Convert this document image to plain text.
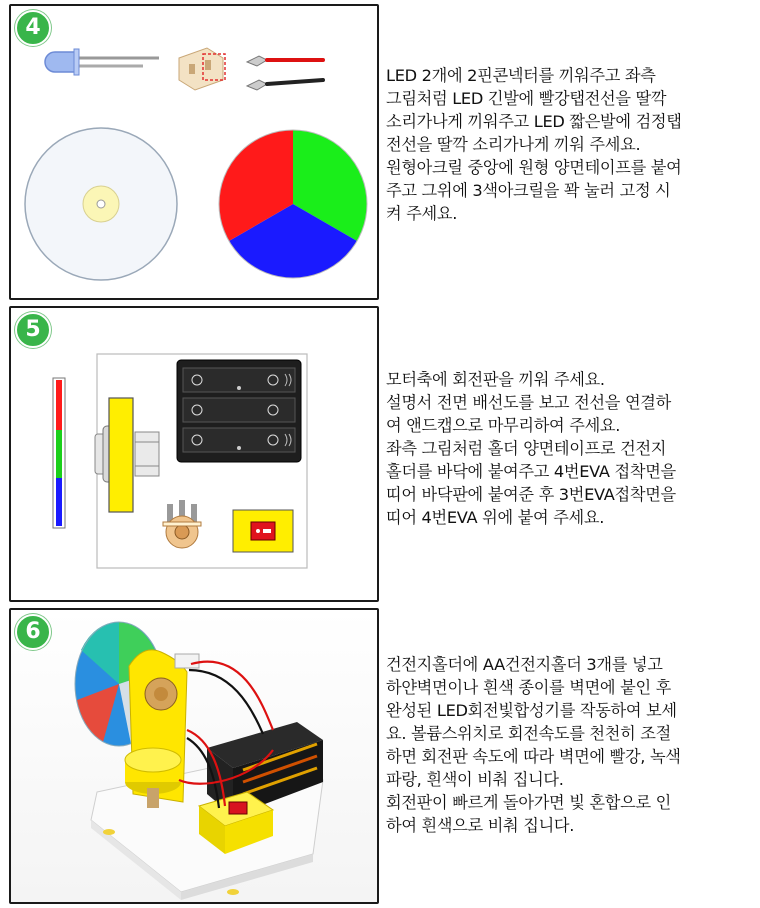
4

LED 2개에 2핀콘넥터를 끼워주고 좌측

그림처럼 LED 긴발에 빨강탭전선을 딸깍

소리가나게 끼워주고 LED 짧은발에 검정탭

전선을 딸깍 소리가나게 끼워 주세요.

원형아크릴 중앙에 원형 양면테이프를 붙여

주고 그위에 3색아크릴을 꽉 눌러 고정 시

켜 주세요.

5

모터축에 회전판을 끼워 주세요.

설명서 전면 배선도를 보고 전선을 연결하

여 앤드캡으로 마무리하여 주세요.

좌측 그림처럼 홀더 양면테이프로 건전지

홀더를 바닥에 붙여주고 4번EVA 접착면을

띠어 바닥판에 붙여준 후 3번EVA접착면을

띠어 4번EVA 위에 붙여 주세요.

6

건전지홀더에 AA건전지홀더 3개를 넣고

하얀벽면이나 흰색 종이를 벽면에 붙인 후

완성된 LED회전빛합성기를 작동하여 보세

요. 볼륨스위치로 회전속도를 천천히 조절

하면 회전판 속도에 따라 벽면에 빨강, 녹색

파랑, 흰색이 비춰 집니다.

회전판이 빠르게 돌아가면 빛 혼합으로 인

하여 흰색으로 비춰 집니다.
